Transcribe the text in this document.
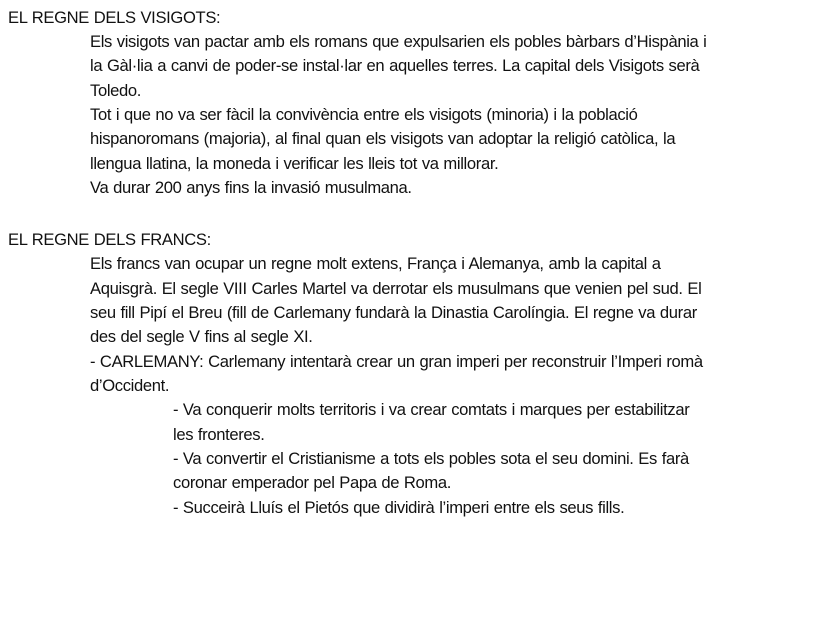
EL REGNE DELS VISIGOTS:
Els visigots van pactar amb els romans que expulsarien els pobles bàrbars d’Hispània i
la Gàl·lia a canvi de poder-se instal·lar en aquelles terres. La capital dels Visigots serà
Toledo.
Tot i que no va ser fàcil la convivència entre els visigots (minoria) i la població
hispanoromans (majoria), al final quan els visigots van adoptar la religió catòlica, la
llengua llatina, la moneda i verificar les lleis tot va millorar.
Va durar 200 anys fins la invasió musulmana.
EL REGNE DELS FRANCS:
Els francs van ocupar un regne molt extens, França i Alemanya, amb la capital a
Aquisgrà. El segle VIII Carles Martel va derrotar els musulmans que venien pel sud. El
seu fill Pipí el Breu (fill de Carlemany fundarà la Dinastia Carolíngia. El regne va durar
des del segle V fins al segle XI.
- CARLEMANY: Carlemany intentarà crear un gran imperi per reconstruir l’Imperi romà
d’Occident.
- Va conquerir molts territoris i va crear comtats i marques per estabilitzar
les fronteres.
- Va convertir el Cristianisme a tots els pobles sota el seu domini. Es farà
coronar emperador pel Papa de Roma.
- Succeirà Lluís el Pietós que dividirà l’imperi entre els seus fills.
